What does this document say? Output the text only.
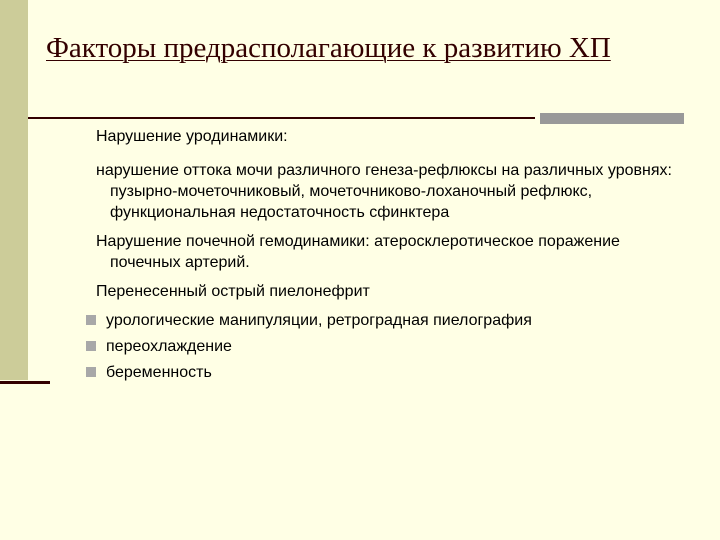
Факторы предрасполагающие к развитию ХП

Нарушение уродинамики:

нарушение оттока мочи различного генеза-рефлюксы на различных уровнях: пузырно-мочеточниковый, мочеточниково-лоханочный рефлюкс, функциональная недостаточность сфинктера

Нарушение почечной гемодинамики: атеросклеротическое поражение почечных артерий.

Перенесенный острый пиелонефрит

урологические манипуляции, ретроградная пиелография
переохлаждение
беременность
